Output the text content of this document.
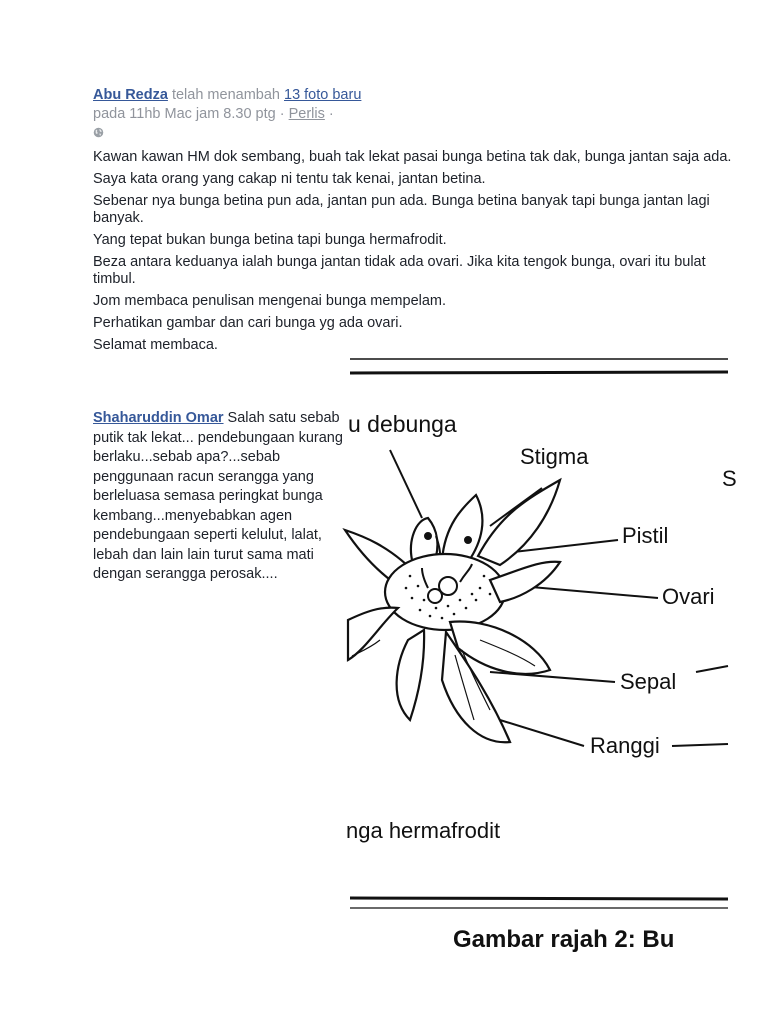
Abu Redza telah menambah 13 foto baru
pada 11hb Mac jam 8.30 ptg · Perlis ·

Kawan kawan HM dok sembang, buah tak lekat pasai bunga betina tak dak, bunga jantan saja ada.

Saya kata orang yang cakap ni tentu tak kenai, jantan betina.

Sebenar nya bunga betina pun ada, jantan pun ada. Bunga betina banyak tapi bunga jantan lagi banyak.

Yang tepat bukan bunga betina tapi bunga hermafrodit.

Beza antara keduanya ialah bunga jantan tidak ada ovari. Jika kita tengok bunga, ovari itu bulat timbul.

Jom membaca penulisan mengenai bunga mempelam.

Perhatikan gambar dan cari bunga yg ada ovari.

Selamat membaca.

Shaharuddin Omar Salah satu sebab putik tak lekat... pendebungaan kurang berlaku...sebab apa?...sebab penggunaan racun serangga yang berleluasa semasa peringkat bunga kembang...menyebabkan agen pendebungaan seperti kelulut, lalat, lebah dan lain lain turut sama mati dengan serangga perosak....
u debunga
Stigma
Pistil
Ovari
Sepal
Ranggi
S
nga hermafrodit
Gambar rajah 2: Bu
